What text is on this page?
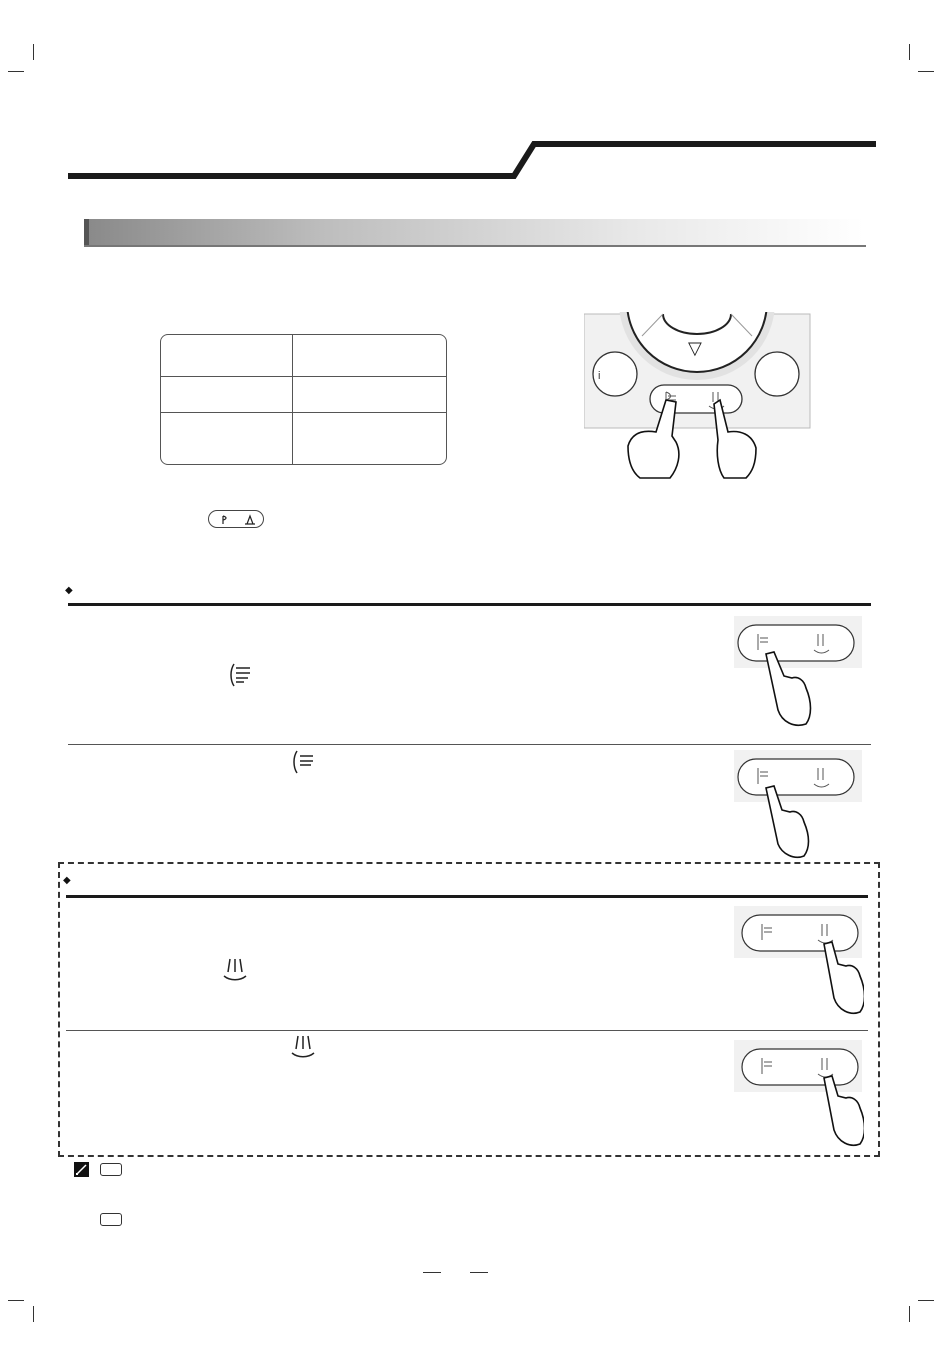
▽
i
◆
◆
